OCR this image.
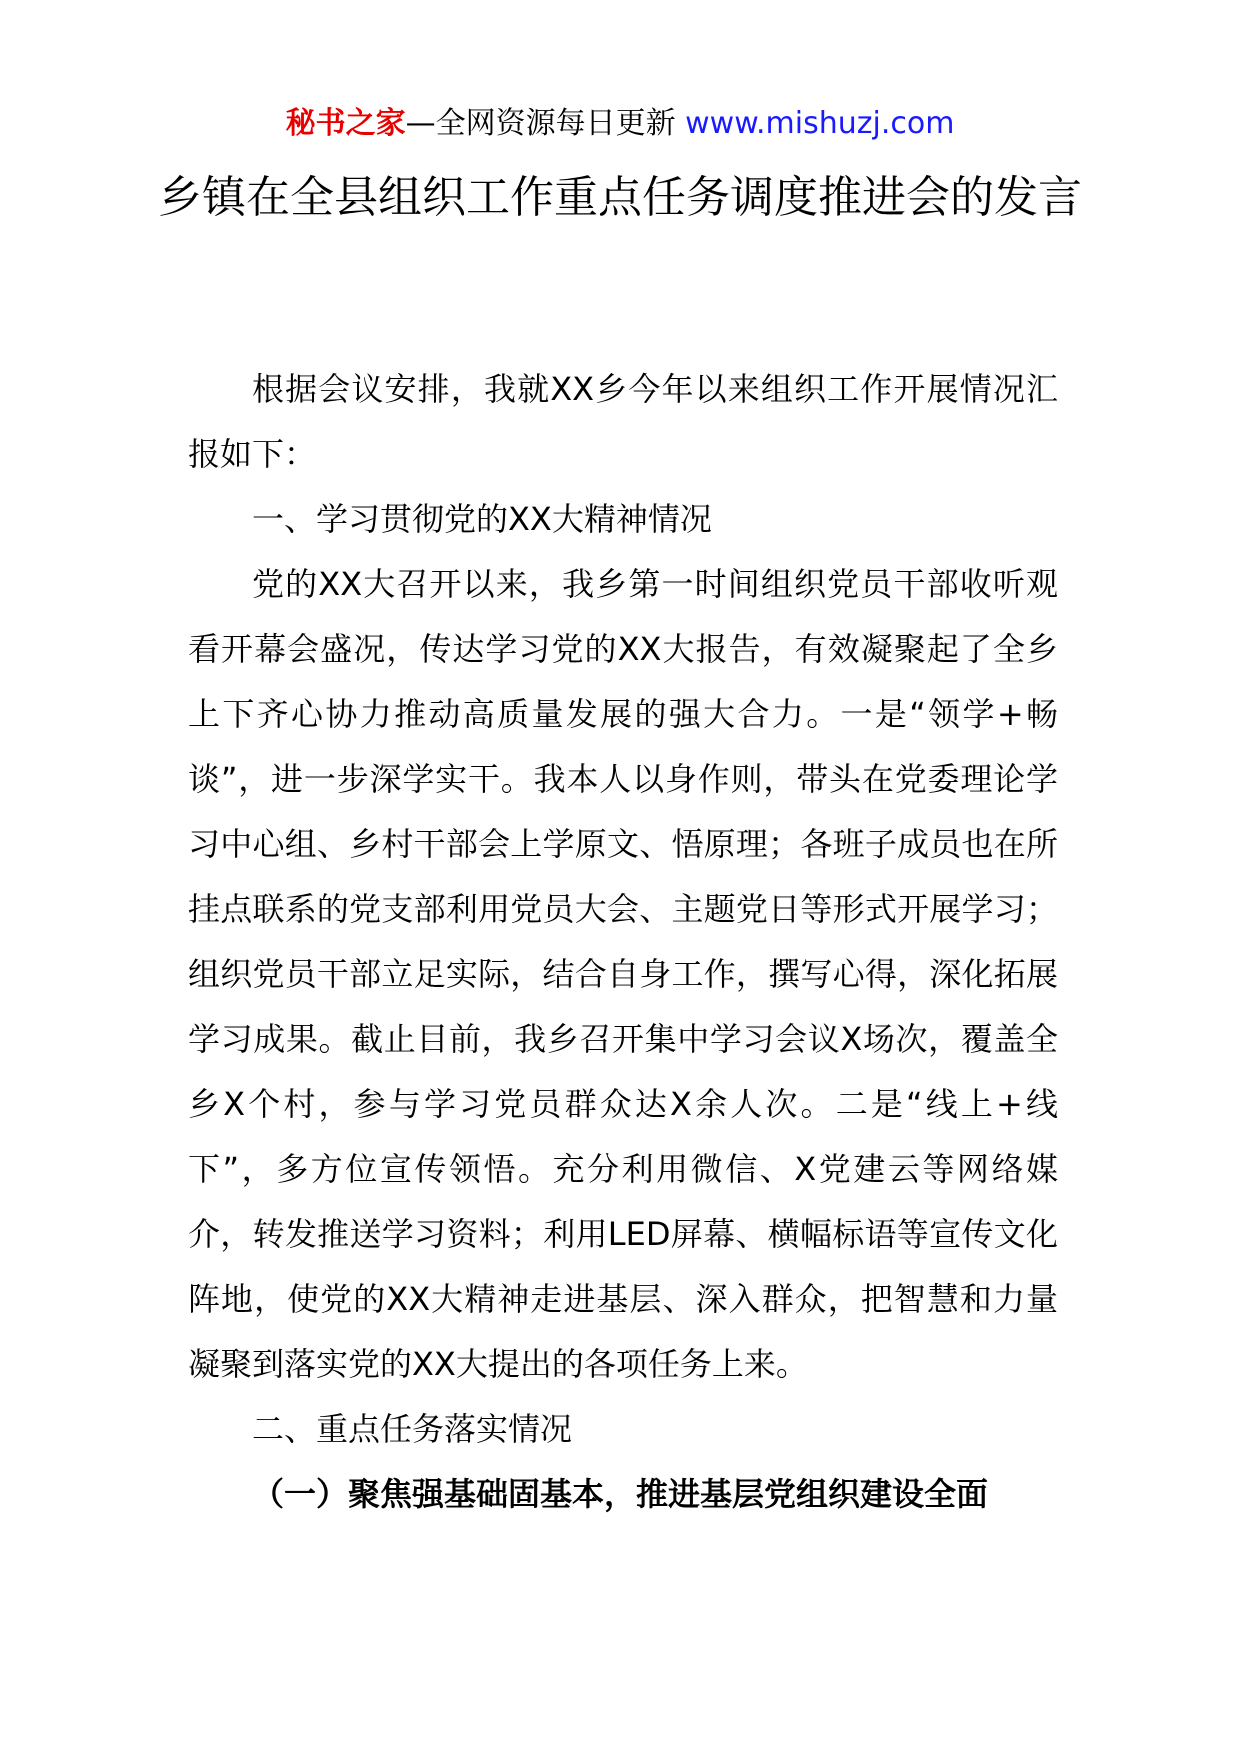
秘书之家—全网资源每日更新 www.mishuzj.com
乡镇在全县组织工作重点任务调度推进会的发言

根据会议安排，我就XX乡今年以来组织工作开展情况汇报如下：

一、学习贯彻党的XX大精神情况

党的XX大召开以来，我乡第一时间组织党员干部收听观看开幕会盛况，传达学习党的XX大报告，有效凝聚起了全乡上下齐心协力推动高质量发展的强大合力。一是“领学+畅谈”，进一步深学实干。我本人以身作则，带头在党委理论学习中心组、乡村干部会上学原文、悟原理；各班子成员也在所挂点联系的党支部利用党员大会、主题党日等形式开展学习；组织党员干部立足实际，结合自身工作，撰写心得，深化拓展学习成果。截止目前，我乡召开集中学习会议X场次，覆盖全乡X个村，参与学习党员群众达X余人次。二是“线上+线下”，多方位宣传领悟。充分利用微信、X党建云等网络媒介，转发推送学习资料；利用LED屏幕、横幅标语等宣传文化阵地，使党的XX大精神走进基层、深入群众，把智慧和力量凝聚到落实党的XX大提出的各项任务上来。

二、重点任务落实情况

（一）聚焦强基础固基本，推进基层党组织建设全面
